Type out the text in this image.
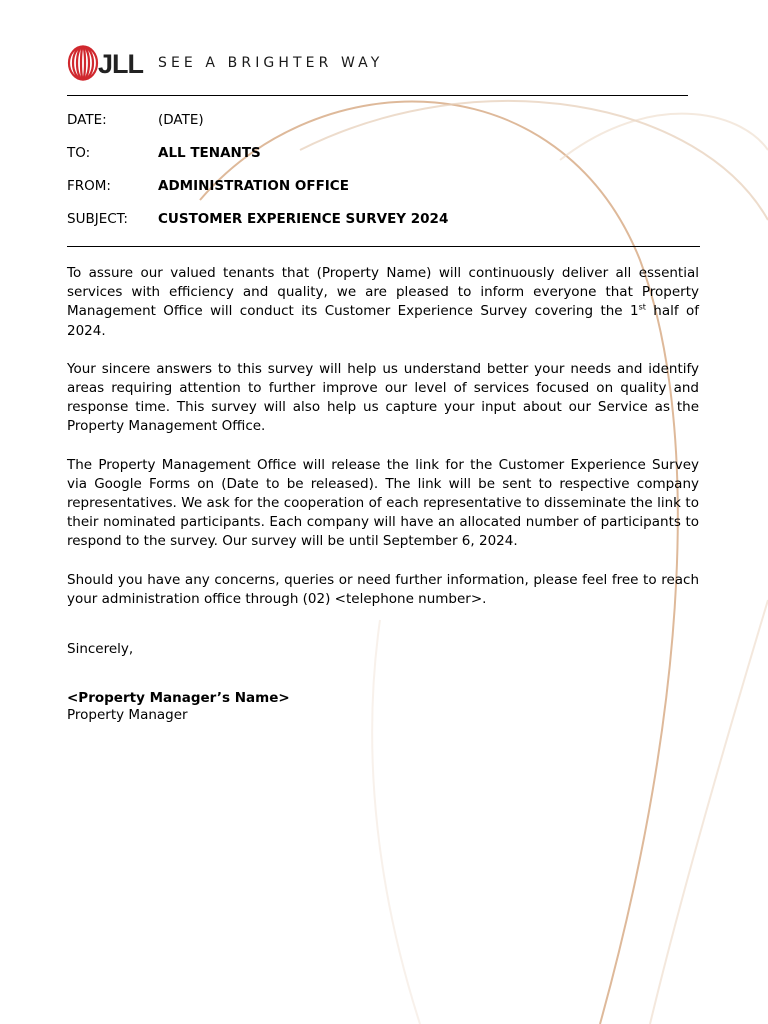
JLL SEE A BRIGHTER WAY
DATE:	(DATE)
TO:	ALL TENANTS
FROM:	ADMINISTRATION OFFICE
SUBJECT: CUSTOMER EXPERIENCE SURVEY 2024

To assure our valued tenants that (Property Name) will continuously deliver all essential services with efficiency and quality, we are pleased to inform everyone that Property Management Office will conduct its Customer Experience Survey covering the 1st half of 2024.

Your sincere answers to this survey will help us understand better your needs and identify areas requiring attention to further improve our level of services focused on quality and response time. This survey will also help us capture your input about our Service as the Property Management Office.

The Property Management Office will release the link for the Customer Experience Survey via Google Forms on (Date to be released). The link will be sent to respective company representatives. We ask for the cooperation of each representative to disseminate the link to their nominated participants. Each company will have an allocated number of participants to respond to the survey. Our survey will be until September 6, 2024.

Should you have any concerns, queries or need further information, please feel free to reach your administration office through (02) <telephone number>.

Sincerely,
<Property Manager’s Name>
Property Manager
